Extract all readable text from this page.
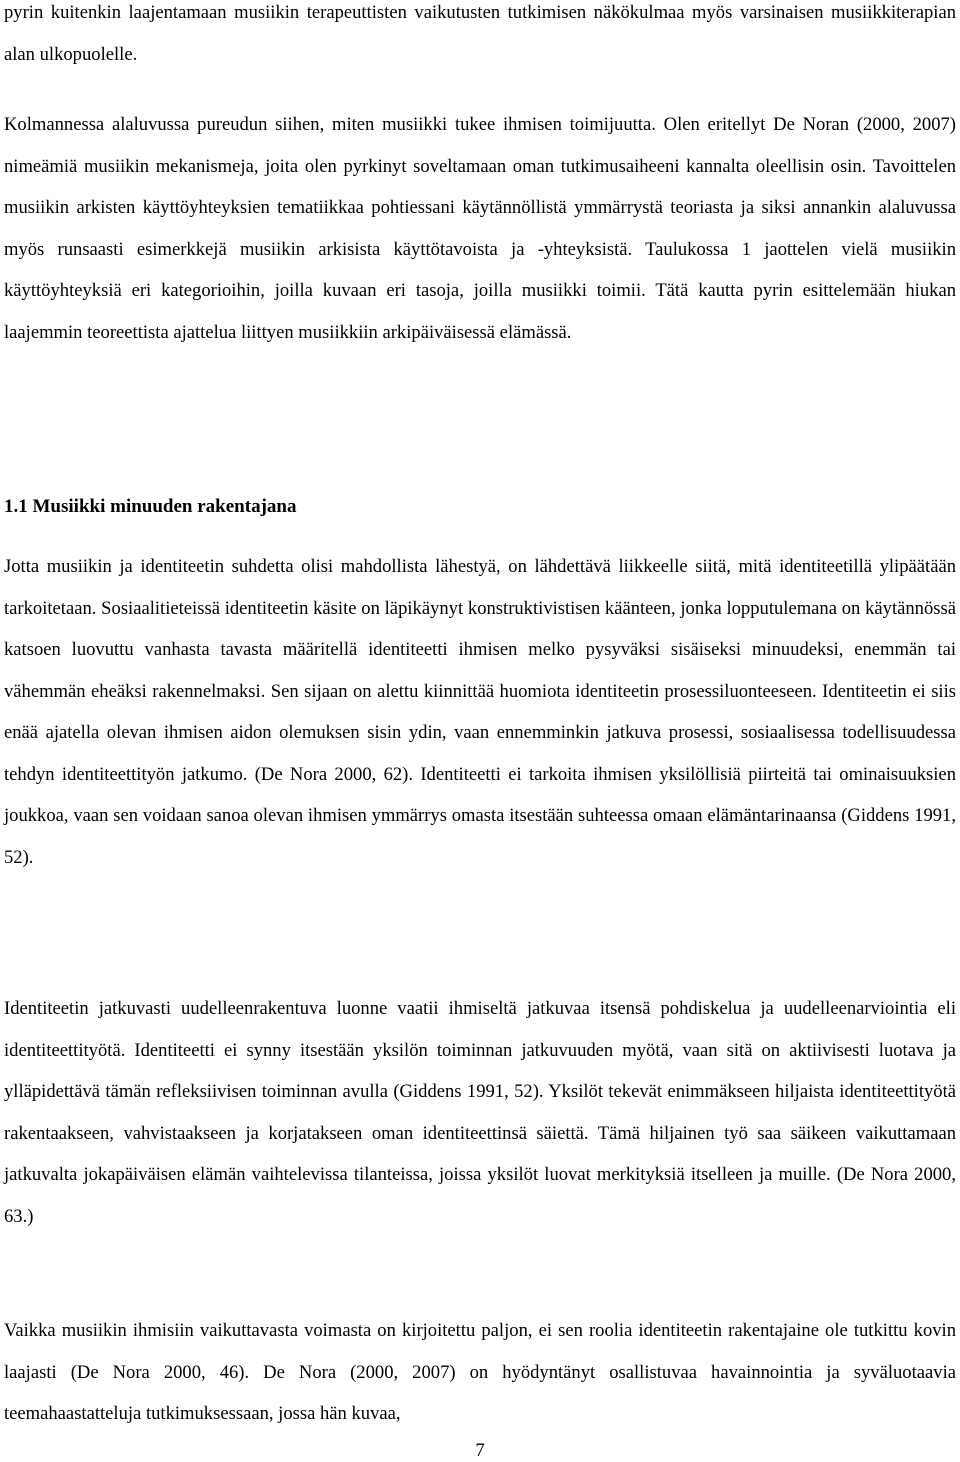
pyrin kuitenkin laajentamaan musiikin terapeuttisten vaikutusten tutkimisen näkökulmaa myös varsinaisen musiikkiterapian alan ulkopuolelle.

Kolmannessa alaluvussa pureudun siihen, miten musiikki tukee ihmisen toimijuutta. Olen eritellyt De Noran (2000, 2007) nimeämiä musiikin mekanismeja, joita olen pyrkinyt soveltamaan oman tutkimusaiheeni kannalta oleellisin osin. Tavoittelen musiikin arkisten käyttöyhteyksien tematiikkaa pohtiessani käytännöllistä ymmärrystä teoriasta ja siksi annankin alaluvussa myös runsaasti esimerkkejä musiikin arkisista käyttötavoista ja -yhteyksistä. Taulukossa 1 jaottelen vielä musiikin käyttöyhteyksiä eri kategorioihin, joilla kuvaan eri tasoja, joilla musiikki toimii. Tätä kautta pyrin esittelemään hiukan laajemmin teoreettista ajattelua liittyen musiikkiin arkipäiväisessä elämässä.

1.1 Musiikki minuuden rakentajana

Jotta musiikin ja identiteetin suhdetta olisi mahdollista lähestyä, on lähdettävä liikkeelle siitä, mitä identiteetillä ylipäätään tarkoitetaan. Sosiaalitieteissä identiteetin käsite on läpikäynyt konstruktivistisen käänteen, jonka lopputulemana on käytännössä katsoen luovuttu vanhasta tavasta määritellä identiteetti ihmisen melko pysyväksi sisäiseksi minuudeksi, enemmän tai vähemmän eheäksi rakennelmaksi. Sen sijaan on alettu kiinnittää huomiota identiteetin prosessiluonteeseen. Identiteetin ei siis enää ajatella olevan ihmisen aidon olemuksen sisin ydin, vaan ennemminkin jatkuva prosessi, sosiaalisessa todellisuudessa tehdyn identiteettityön jatkumo. (De Nora 2000, 62). Identiteetti ei tarkoita ihmisen yksilöllisiä piirteitä tai ominaisuuksien joukkoa, vaan sen voidaan sanoa olevan ihmisen ymmärrys omasta itsestään suhteessa omaan elämäntarinaansa (Giddens 1991, 52).

Identiteetin jatkuvasti uudelleenrakentuva luonne vaatii ihmiseltä jatkuvaa itsensä pohdiskelua ja uudelleenarviointia eli identiteettityötä. Identiteetti ei synny itsestään yksilön toiminnan jatkuvuuden myötä, vaan sitä on aktiivisesti luotava ja ylläpidettävä tämän refleksiivisen toiminnan avulla (Giddens 1991, 52). Yksilöt tekevät enimmäkseen hiljaista identiteettityötä rakentaakseen, vahvistaakseen ja korjatakseen oman identiteettinsä säiettä. Tämä hiljainen työ saa säikeen vaikuttamaan jatkuvalta jokapäiväisen elämän vaihtelevissa tilanteissa, joissa yksilöt luovat merkityksiä itselleen ja muille. (De Nora 2000, 63.)

Vaikka musiikin ihmisiin vaikuttavasta voimasta on kirjoitettu paljon, ei sen roolia identiteetin rakentajaine ole tutkittu kovin laajasti (De Nora 2000, 46). De Nora (2000, 2007) on hyödyntänyt osallistuvaa havainnointia ja syväluotaavia teemahaastatteluja tutkimuksessaan, jossa hän kuvaa,

7
